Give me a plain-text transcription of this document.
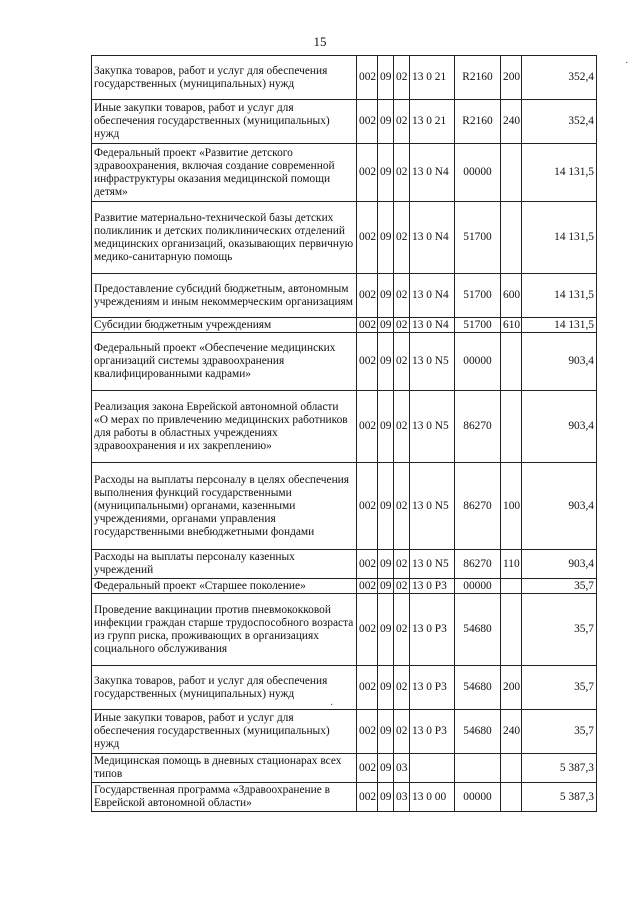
15
Закупка товаров, работ и услуг для обеспечения государственных (муниципальных) нужд	002	09	02	13 0 21	R2160	200	352,4
Иные закупки товаров, работ и услуг для обеспечения государственных (муниципальных) нужд	002	09	02	13 0 21	R2160	240	352,4
Федеральный проект «Развитие детского здравоохранения, включая создание современной инфраструктуры оказания медицинской помощи детям»	002	09	02	13 0 N4	00000		14 131,5
Развитие материально-технической базы детских поликлиник и детских поликлинических отделений медицинских организаций, оказывающих первичную медико-санитарную помощь	002	09	02	13 0 N4	51700		14 131,5
Предоставление субсидий бюджетным, автономным учреждениям и иным некоммерческим организациям	002	09	02	13 0 N4	51700	600	14 131,5
Субсидии бюджетным учреждениям	002	09	02	13 0 N4	51700	610	14 131,5
Федеральный проект «Обеспечение медицинских организаций системы здравоохранения квалифицированными кадрами»	002	09	02	13 0 N5	00000		903,4
Реализация закона Еврейской автономной области «О мерах по привлечению медицинских работников для работы в областных учреждениях здравоохранения и их закреплению»	002	09	02	13 0 N5	86270		903,4
Расходы на выплаты персоналу в целях обеспечения выполнения функций государственными (муниципальными) органами, казенными учреждениями, органами управления государственными внебюджетными фондами	002	09	02	13 0 N5	86270	100	903,4
Расходы на выплаты персоналу казенных учреждений	002	09	02	13 0 N5	86270	110	903,4
Федеральный проект «Старшее поколение»	002	09	02	13 0 P3	00000		35,7
Проведение вакцинации против пневмококковой инфекции граждан старше трудоспособного возраста из групп риска, проживающих в организациях социального обслуживания	002	09	02	13 0 P3	54680		35,7
Закупка товаров, работ и услуг для обеспечения государственных (муниципальных) нужд	002	09	02	13 0 P3	54680	200	35,7
Иные закупки товаров, работ и услуг для обеспечения государственных (муниципальных) нужд	002	09	02	13 0 P3	54680	240	35,7
Медицинская помощь в дневных стационарах всех типов	002	09	03				5 387,3
Государственная программа «Здравоохранение в Еврейской автономной области»	002	09	03	13 0 00	00000		5 387,3
·
·
